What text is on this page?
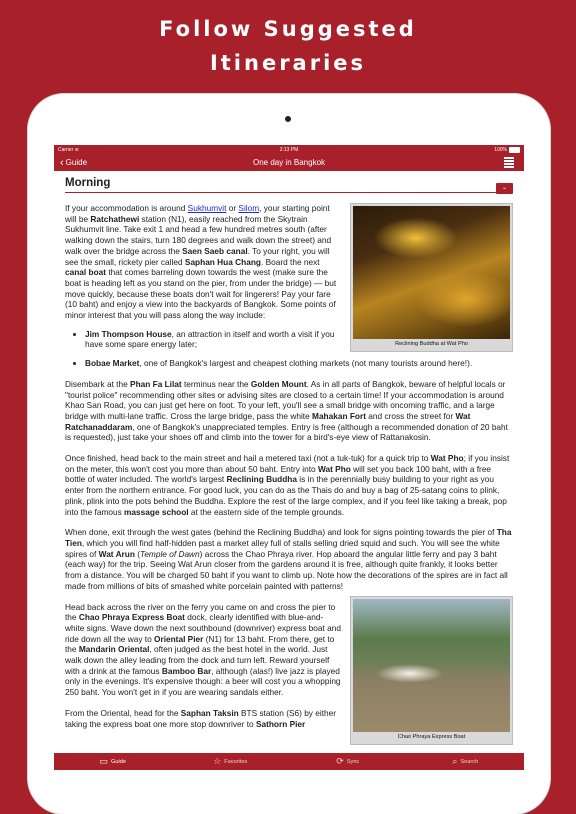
Follow Suggested
Itineraries
Carrier ≋	2:13 PM	100%
‹ Guide	One day in Bangkok
Morning	-
Reclining Buddha at Wat Pho

If your accommodation is around Sukhumvit or Silom, your starting point will be Ratchathewi station (N1), easily reached from the Skytrain Sukhumvit line. Take exit 1 and head a few hundred metres south (after walking down the stairs, turn 180 degrees and walk down the street) and walk over the bridge across the Saen Saeb canal. To your right, you will see the small, rickety pier called Saphan Hua Chang. Board the next canal boat that comes barreling down towards the west (make sure the boat is heading left as you stand on the pier, from under the bridge) — but move quickly, because these boats don't wait for lingerers! Pay your fare (10 baht) and enjoy a view into the backyards of Bangkok. Some points of minor interest that you will pass along the way include:

• Jim Thompson House, an attraction in itself and worth a visit if you have some spare energy later;
• Bobae Market, one of Bangkok's largest and cheapest clothing markets (not many tourists around here!).

Disembark at the Phan Fa Lilat terminus near the Golden Mount. As in all parts of Bangkok, beware of helpful locals or "tourist police" recommending other sites or advising sites are closed to a certain time! If your accommodation is around Khao San Road, you can just get here on foot. To your left, you'll see a small bridge with oncoming traffic, and a large bridge with multi-lane traffic. Cross the large bridge, pass the white Mahakan Fort and cross the street for Wat Ratchanaddaram, one of Bangkok's unappreciated temples. Entry is free (although a recommended donation of 20 baht is requested), just take your shoes off and climb into the tower for a bird's-eye view of Rattanakosin.

Once finished, head back to the main street and hail a metered taxi (not a tuk-tuk) for a quick trip to Wat Pho; if you insist on the meter, this won't cost you more than about 50 baht. Entry into Wat Pho will set you back 100 baht, with a free bottle of water included. The world's largest Reclining Buddha is in the perennially busy building to your right as you enter from the northern entrance. For good luck, you can do as the Thais do and buy a bag of 25-satang coins to plink, plink, plink into the pots behind the Buddha. Explore the rest of the large complex, and if you feel like taking a break, pop into the famous massage school at the eastern side of the temple grounds.

When done, exit through the west gates (behind the Reclining Buddha) and look for signs pointing towards the pier of Tha Tien, which you will find half-hidden past a market alley full of stalls selling dried squid and such. You will see the white spires of Wat Arun (Temple of Dawn) across the Chao Phraya river. Hop aboard the angular little ferry and pay 3 baht (each way) for the trip. Seeing Wat Arun closer from the gardens around it is free, although quite frankly, it looks better from a distance. You will be charged 50 baht if you want to climb up. Note how the decorations of the spires are in fact all made from millions of bits of smashed white porcelain painted with patterns!

Chao Phraya Express Boat

Head back across the river on the ferry you came on and cross the pier to the Chao Phraya Express Boat dock, clearly identified with blue-and-white signs. Wave down the next southbound (downriver) express boat and ride down all the way to Oriental Pier (N1) for 13 baht. From there, get to the Mandarin Oriental, often judged as the best hotel in the world. Just walk down the alley leading from the dock and turn left. Reward yourself with a drink at the famous Bamboo Bar, although (alas!) live jazz is played only in the evenings. It's expensive though: a beer will cost you a whopping 250 baht. You won't get in if you are wearing sandals either.

From the Oriental, head for the Saphan Taksin BTS station (S6) by either taking the express boat one more stop downriver to Sathorn Pier

▭ Guide	☆ Favorites	⟳ Sync	⌕ Search
